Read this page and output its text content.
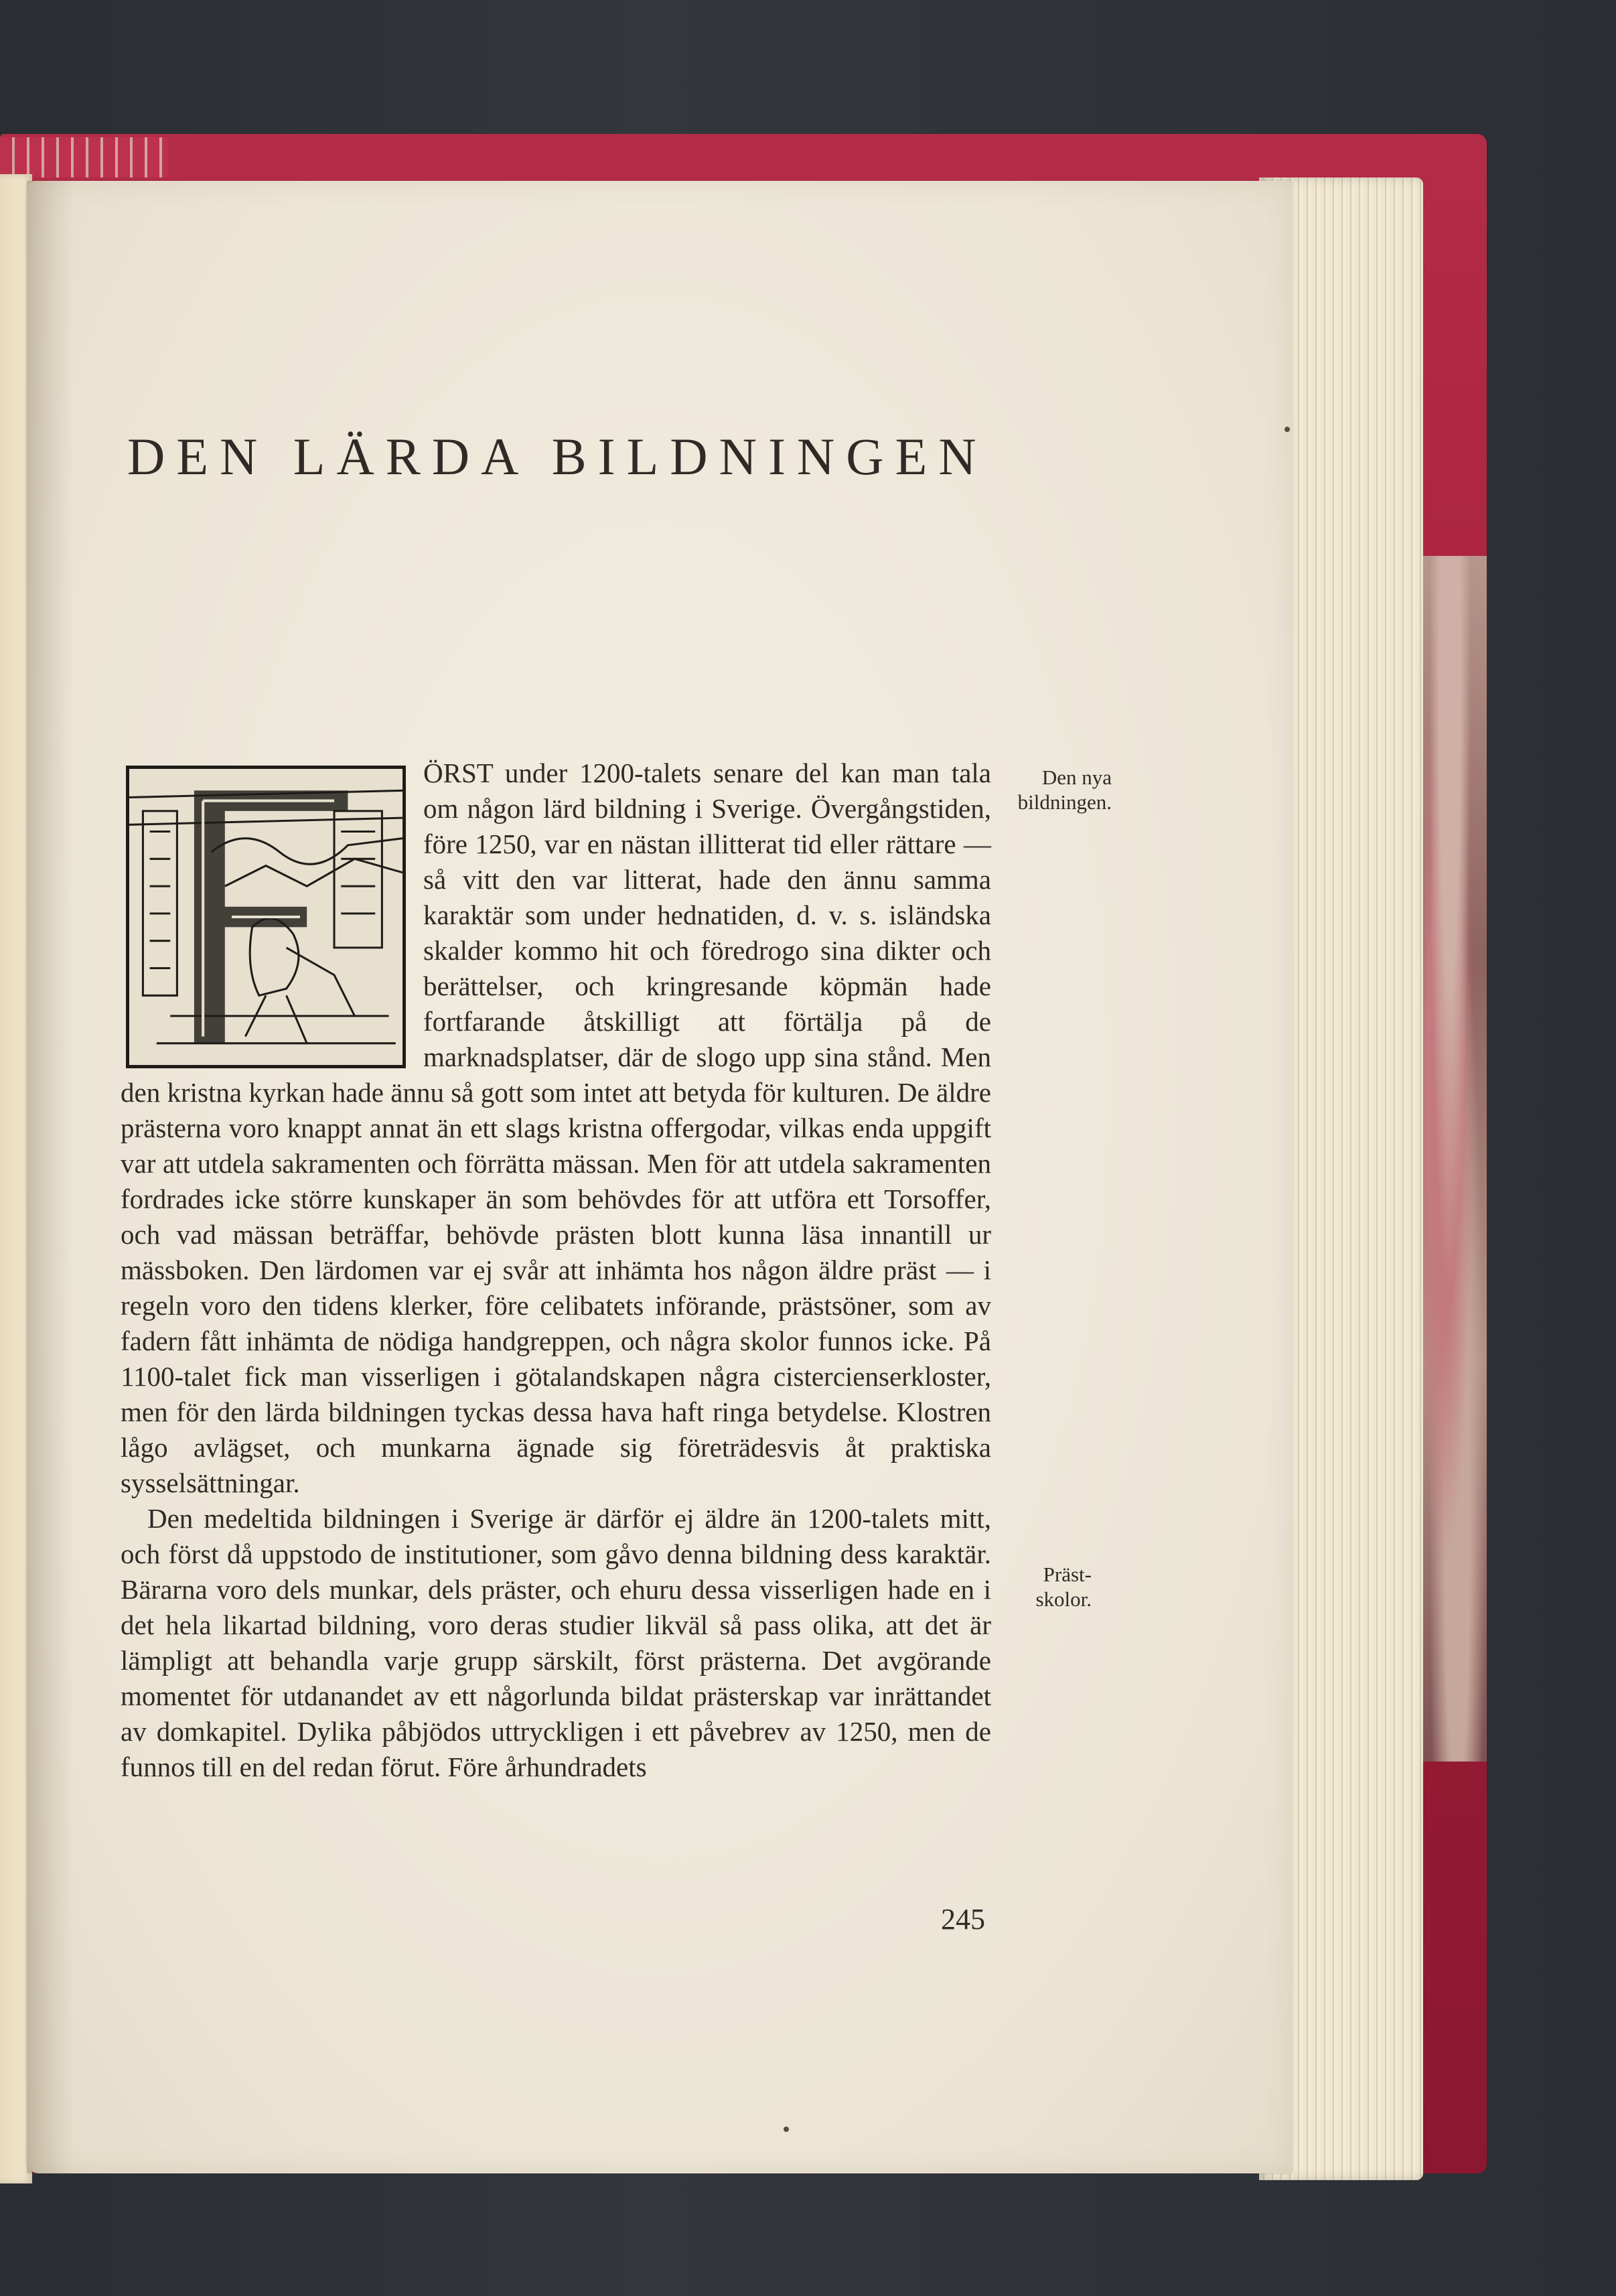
DEN LÄRDA BILDNINGEN

ÖRST under 1200-talets senare del kan man tala om någon lärd bildning i Sverige. Övergångstiden, före 1250, var en nästan illitterat tid eller rättare — så vitt den var litterat, hade den ännu samma karaktär som under hednatiden, d. v. s. isländska skalder kommo hit och föredrogo sina dikter och berättelser, och kringresande köpmän hade fortfarande åtskilligt att förtälja på de marknadsplatser, där de slogo upp sina stånd. Men den kristna kyrkan hade ännu så gott som intet att betyda för kulturen. De äldre prästerna voro knappt annat än ett slags kristna offergodar, vilkas enda uppgift var att utdela sakramenten och förrätta mässan. Men för att utdela sakramenten fordrades icke större kunskaper än som behövdes för att utföra ett Torsoffer, och vad mässan beträffar, behövde prästen blott kunna läsa innantill ur mässboken. Den lärdomen var ej svår att inhämta hos någon äldre präst — i regeln voro den tidens klerker, före celibatets införande, prästsöner, som av fadern fått inhämta de nödiga handgreppen, och några skolor funnos icke. På 1100-talet fick man visserligen i götalandskapen några cistercienserkloster, men för den lärda bildningen tyckas dessa hava haft ringa betydelse. Klostren lågo avlägset, och munkarna ägnade sig företrädesvis åt praktiska sysselsättningar.

Den medeltida bildningen i Sverige är därför ej äldre än 1200-talets mitt, och först då uppstodo de institutioner, som gåvo denna bildning dess karaktär. Bärarna voro dels munkar, dels präster, och ehuru dessa visserligen hade en i det hela likartad bildning, voro deras studier likväl så pass olika, att det är lämpligt att behandla varje grupp särskilt, först prästerna. Det avgörande momentet för utdanandet av ett någorlunda bildat prästerskap var inrättandet av domkapitel. Dylika påbjödos uttryckligen i ett påvebrev av 1250, men de funnos till en del redan förut. Före århundradets

Den nya bildningen.
Präst-skolor.
245
